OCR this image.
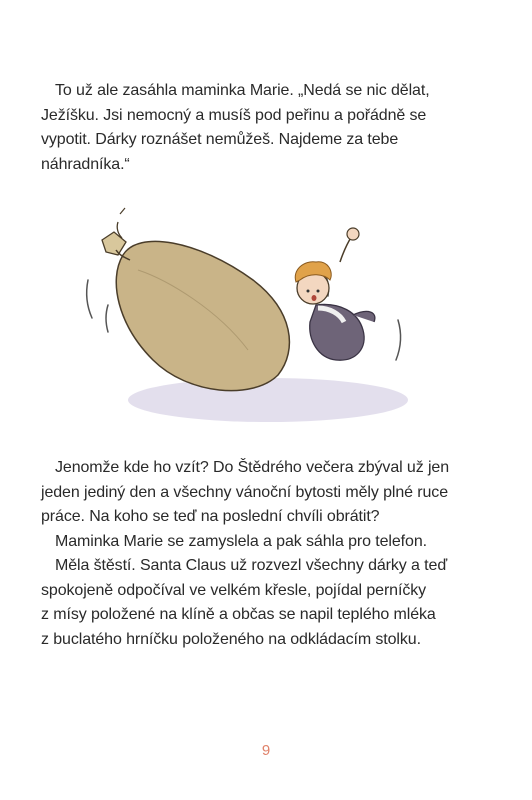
To už ale zasáhla maminka Marie. „Nedá se nic dělat,
Ježíšku. Jsi nemocný a musíš pod peřinu a pořádně se
vypotit. Dárky roznášet nemůžeš. Najdeme za tebe
náhradníka.“
Jenomže kde ho vzít? Do Štědrého večera zbýval už jen
jeden jediný den a všechny vánoční bytosti měly plné ruce
práce. Na koho se teď na poslední chvíli obrátit?
Maminka Marie se zamyslela a pak sáhla pro telefon.
Měla štěstí. Santa Claus už rozvezl všechny dárky a teď
spokojeně odpočíval ve velkém křesle, pojídal perníčky
z mísy položené na klíně a občas se napil teplého mléka
z buclatého hrníčku položeného na odkládacím stolku.
9
